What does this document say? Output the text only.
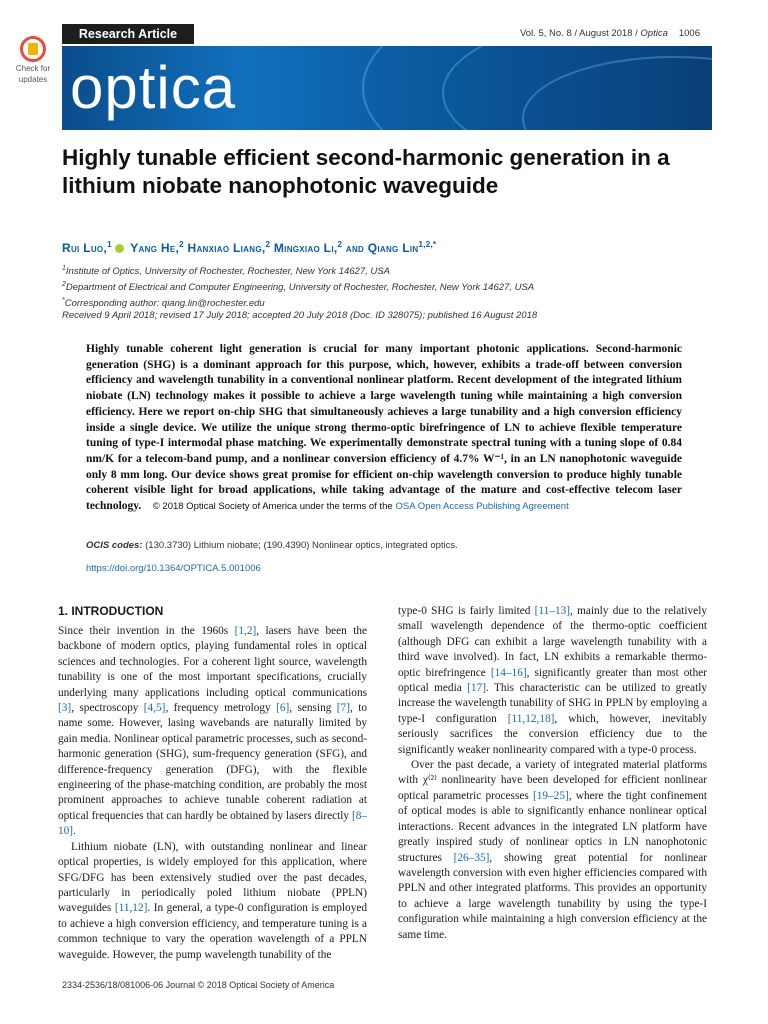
Research Article	Vol. 5, No. 8 / August 2018 / Optica 1006
Check for
updates optica
Highly tunable efficient second-harmonic generation in a lithium niobate nanophotonic waveguide
Rui Luo,$^1$ Yang He,$^2$ Hanxiao Liang,$^2$ Mingxiao Li,$^2$ and Qiang Lin$^{1,2,*}$
$^1$Institute of Optics, University of Rochester, Rochester, New York 14627, USA
$^2$Department of Electrical and Computer Engineering, University of Rochester, Rochester, New York 14627, USA
*Corresponding author: qiang.lin@rochester.edu
Received 9 April 2018; revised 17 July 2018; accepted 20 July 2018 (Doc. ID 328075); published 16 August 2018

Highly tunable coherent light generation is crucial for many important photonic applications. Second-harmonic generation (SHG) is a dominant approach for this purpose, which, however, exhibits a trade-off between conversion efficiency and wavelength tunability in a conventional nonlinear platform. Recent development of the integrated lithium niobate (LN) technology makes it possible to achieve a large wavelength tuning while maintaining a high conversion efficiency. Here we report on-chip SHG that simultaneously achieves a large tunability and a high conversion efficiency inside a single device. We utilize the unique strong thermo-optic birefringence of LN to achieve flexible temperature tuning of type-I intermodal phase matching. We experimentally demonstrate spectral tuning with a tuning slope of 0.84 nm/K for a telecom-band pump, and a nonlinear conversion efficiency of 4.7% W⁻¹, in an LN nanophotonic waveguide only 8 mm long. Our device shows great promise for efficient on-chip wavelength conversion to produce highly tunable coherent visible light for broad applications, while taking advantage of the mature and cost-effective telecom laser technology. © 2018 Optical Society of America under the terms of the OSA Open Access Publishing Agreement

OCIS codes: (130.3730) Lithium niobate; (190.4390) Nonlinear optics, integrated optics.
https://doi.org/10.1364/OPTICA.5.001006
1. INTRODUCTION

Since their invention in the 1960s [1,2], lasers have been the backbone of modern optics, playing fundamental roles in optical sciences and technologies. For a coherent light source, wavelength tunability is one of the most important specifications, crucially underlying many applications including optical communications [3], spectroscopy [4,5], frequency metrology [6], sensing [7], to name some. However, lasing wavebands are naturally limited by gain media. Nonlinear optical parametric processes, such as second-harmonic generation (SHG), sum-frequency generation (SFG), and difference-frequency generation (DFG), with the flexible engineering of the phase-matching condition, are probably the most prominent approaches to achieve tunable coherent radiation at optical frequencies that can hardly be obtained by lasers directly [8–10].

Lithium niobate (LN), with outstanding nonlinear and linear optical properties, is widely employed for this application, where SFG/DFG has been extensively studied over the past decades, particularly in periodically poled lithium niobate (PPLN) waveguides [11,12]. In general, a type-0 configuration is employed to achieve a high conversion efficiency, and temperature tuning is a common technique to vary the operation wavelength of a PPLN waveguide. However, the pump wavelength tunability of the

type-0 SHG is fairly limited [11–13], mainly due to the relatively small wavelength dependence of the thermo-optic coefficient (although DFG can exhibit a large wavelength tunability with a third wave involved). In fact, LN exhibits a remarkable thermo-optic birefringence [14–16], significantly greater than most other optical media [17]. This characteristic can be utilized to greatly increase the wavelength tunability of SHG in PPLN by employing a type-I configuration [11,12,18], which, however, inevitably seriously sacrifices the conversion efficiency due to the significantly weaker nonlinearity compared with a type-0 process.

Over the past decade, a variety of integrated material platforms with χ⁽²⁾ nonlinearity have been developed for efficient nonlinear optical parametric processes [19–25], where the tight confinement of optical modes is able to significantly enhance nonlinear optical interactions. Recent advances in the integrated LN platform have greatly inspired study of nonlinear optics in LN nanophotonic structures [26–35], showing great potential for nonlinear wavelength conversion with even higher efficiencies compared with PPLN and other integrated platforms. This provides an opportunity to achieve a large wavelength tunability by using the type-I configuration while maintaining a high conversion efficiency at the same time.

2334-2536/18/081006-06 Journal © 2018 Optical Society of America
